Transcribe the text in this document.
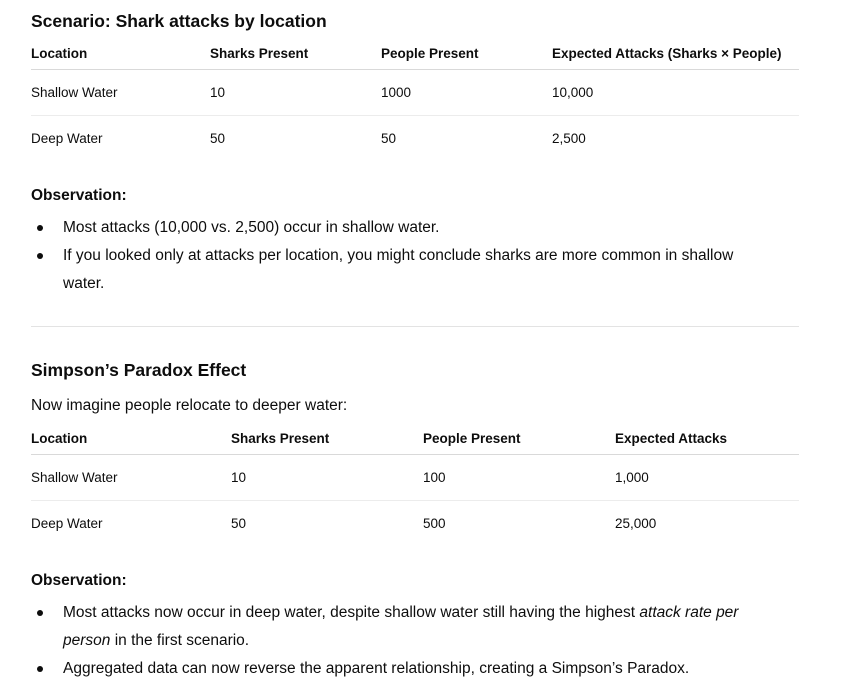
Scenario: Shark attacks by location
Location	Sharks Present	People Present	Expected Attacks (Sharks × People)
Shallow Water	10	1000	10,000
Deep Water	50	50	2,500
Observation:
Most attacks (10,000 vs. 2,500) occur in shallow water.
If you looked only at attacks per location, you might conclude sharks are more common in shallow water.
Simpson’s Paradox Effect
Now imagine people relocate to deeper water:
Location	Sharks Present	People Present	Expected Attacks
Shallow Water	10	100	1,000
Deep Water	50	500	25,000
Observation:
Most attacks now occur in deep water, despite shallow water still having the highest attack rate per person in the first scenario.
Aggregated data can now reverse the apparent relationship, creating a Simpson’s Paradox.
